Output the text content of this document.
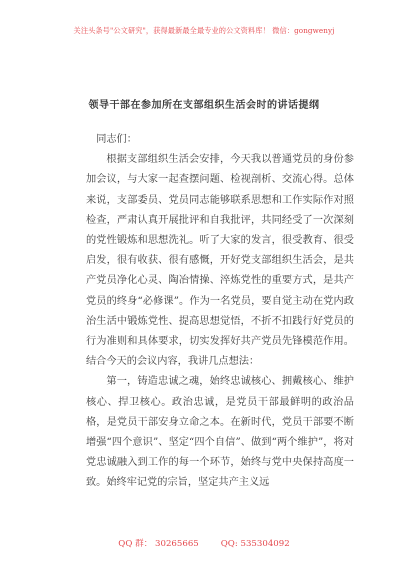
关注头条号"公文研究"，获得最新最全最专业的公文资料库！ 微信：gongwenyj
领导干部在参加所在支部组织生活会时的讲话提纲

同志们：

根据支部组织生活会安排，今天我以普通党员的身份参加会议，与大家一起查摆问题、检视剖析、交流心得。总体来说，支部委员、党员同志能够联系思想和工作实际作对照检查，严肃认真开展批评和自我批评，共同经受了一次深刻的党性锻炼和思想洗礼。听了大家的发言，很受教育、很受启发，很有收获、很有感慨，开好党支部组织生活会，是共产党员净化心灵、陶冶情操、淬炼党性的重要方式，是共产党员的终身“必修课”。作为一名党员，要自觉主动在党内政治生活中锻炼党性、提高思想觉悟，不折不扣践行好党员的行为准则和具体要求，切实发挥好共产党员先锋模范作用。结合今天的会议内容，我讲几点想法：

第一，铸造忠诚之魂，始终忠诚核心、拥戴核心、维护核心、捍卫核心。政治忠诚，是党员干部最鲜明的政治品格，是党员干部安身立命之本。在新时代，党员干部要不断增强“四个意识”、坚定“四个自信”、做到“两个维护”，将对党忠诚融入到工作的每一个环节，始终与党中央保持高度一致。始终牢记党的宗旨，坚定共产主义远

QQ 群： 30265665	QQ: 535304092
